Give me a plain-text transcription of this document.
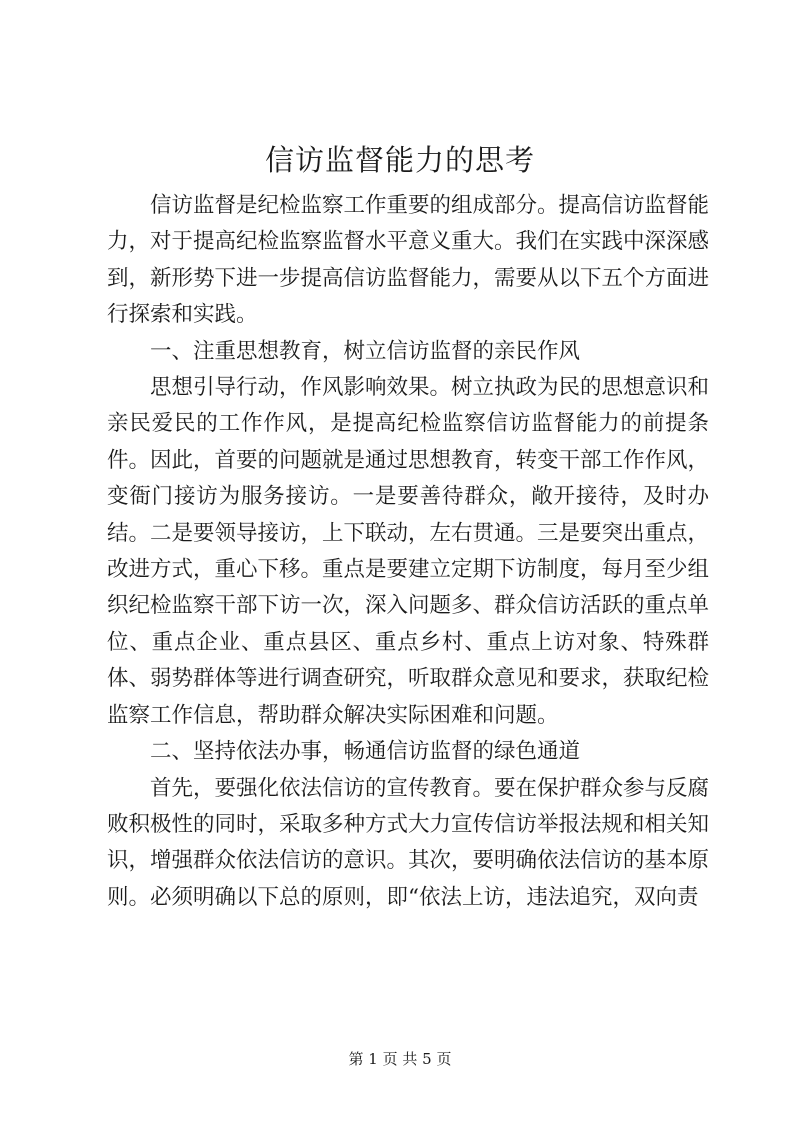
信访监督能力的思考

信访监督是纪检监察工作重要的组成部分。提高信访监督能力，对于提高纪检监察监督水平意义重大。我们在实践中深深感到，新形势下进一步提高信访监督能力，需要从以下五个方面进行探索和实践。

一、注重思想教育，树立信访监督的亲民作风

思想引导行动，作风影响效果。树立执政为民的思想意识和亲民爱民的工作作风，是提高纪检监察信访监督能力的前提条件。因此，首要的问题就是通过思想教育，转变干部工作作风，变衙门接访为服务接访。一是要善待群众，敞开接待，及时办结。二是要领导接访，上下联动，左右贯通。三是要突出重点，改进方式，重心下移。重点是要建立定期下访制度，每月至少组织纪检监察干部下访一次，深入问题多、群众信访活跃的重点单位、重点企业、重点县区、重点乡村、重点上访对象、特殊群体、弱势群体等进行调查研究，听取群众意见和要求，获取纪检监察工作信息，帮助群众解决实际困难和问题。

二、坚持依法办事，畅通信访监督的绿色通道

首先，要强化依法信访的宣传教育。要在保护群众参与反腐败积极性的同时，采取多种方式大力宣传信访举报法规和相关知识，增强群众依法信访的意识。其次，要明确依法信访的基本原则。必须明确以下总的原则，即“依法上访，违法追究，双向责

第 1 页 共 5 页
